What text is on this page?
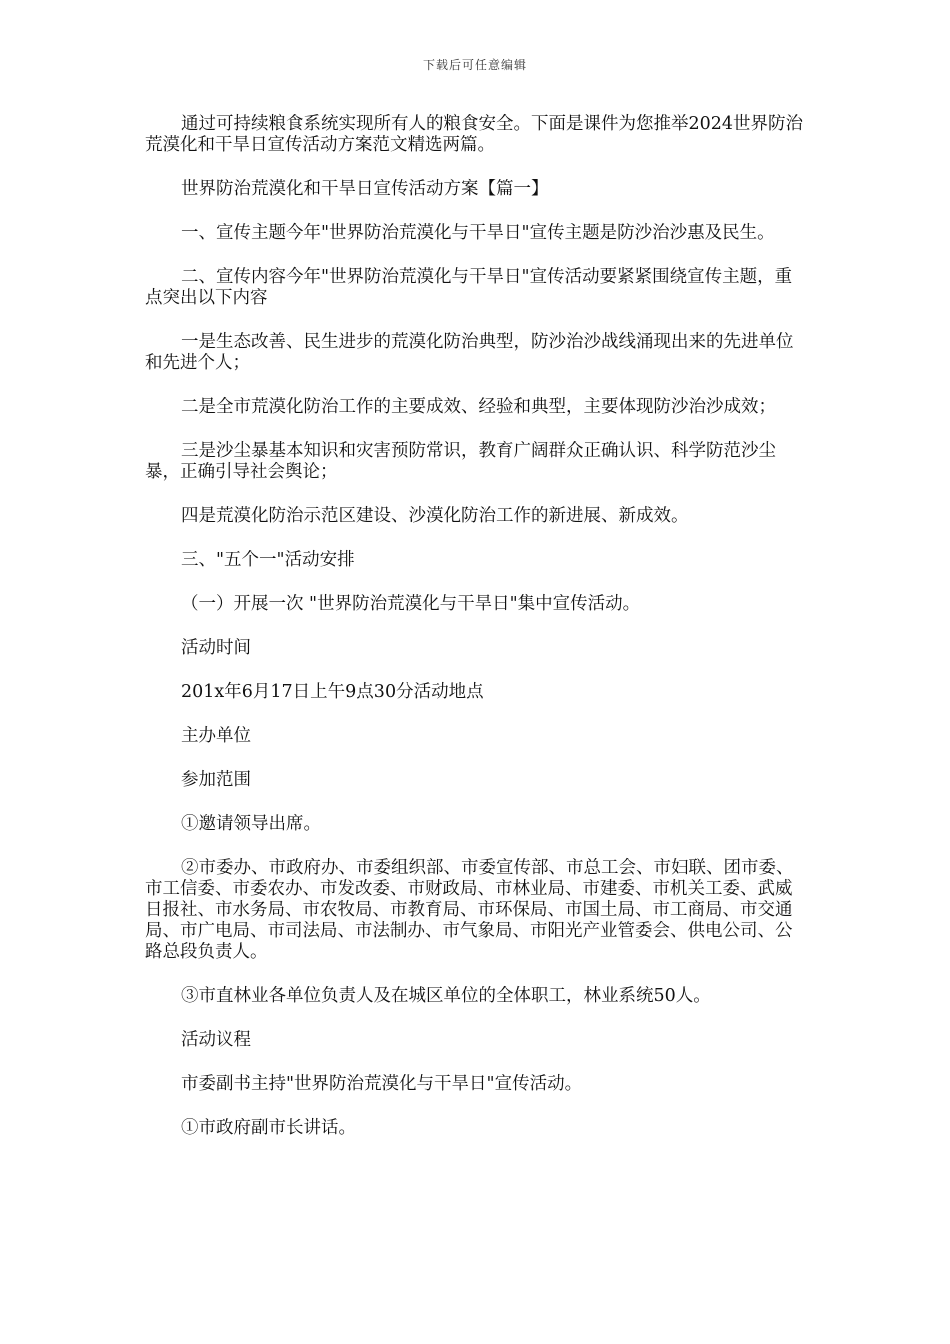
下载后可任意编辑

通过可持续粮食系统实现所有人的粮食安全。下面是课件为您推举2024世界防治荒漠化和干旱日宣传活动方案范文精选两篇。

世界防治荒漠化和干旱日宣传活动方案【篇一】

一、宣传主题今年"世界防治荒漠化与干旱日"宣传主题是防沙治沙惠及民生。

二、宣传内容今年"世界防治荒漠化与干旱日"宣传活动要紧紧围绕宣传主题，重点突出以下内容

一是生态改善、民生进步的荒漠化防治典型，防沙治沙战线涌现出来的先进单位和先进个人；

二是全市荒漠化防治工作的主要成效、经验和典型，主要体现防沙治沙成效；

三是沙尘暴基本知识和灾害预防常识，教育广阔群众正确认识、科学防范沙尘暴，正确引导社会舆论；

四是荒漠化防治示范区建设、沙漠化防治工作的新进展、新成效。

三、"五个一"活动安排

（一）开展一次 "世界防治荒漠化与干旱日"集中宣传活动。

活动时间

201x年6月17日上午9点30分活动地点

主办单位

参加范围

①邀请领导出席。

②市委办、市政府办、市委组织部、市委宣传部、市总工会、市妇联、团市委、市工信委、市委农办、市发改委、市财政局、市林业局、市建委、市机关工委、武威日报社、市水务局、市农牧局、市教育局、市环保局、市国土局、市工商局、市交通局、市广电局、市司法局、市法制办、市气象局、市阳光产业管委会、供电公司、公路总段负责人。

③市直林业各单位负责人及在城区单位的全体职工，林业系统50人。

活动议程

市委副书主持"世界防治荒漠化与干旱日"宣传活动。

①市政府副市长讲话。
